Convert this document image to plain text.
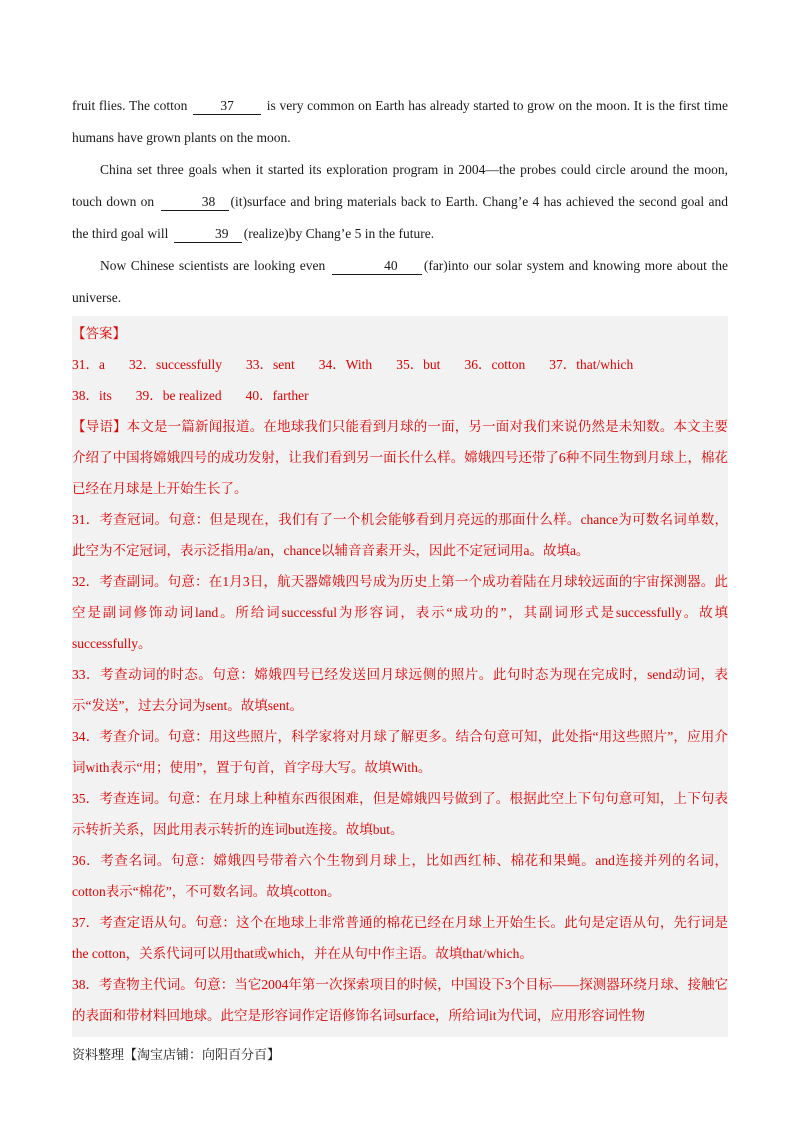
fruit flies. The cotton 37 is very common on Earth has already started to grow on the moon. It is the first time humans have grown plants on the moon.

China set three goals when it started its exploration program in 2004—the probes could circle around the moon, touch down on	38 (it)surface and bring materials back to Earth. Chang’e 4 has achieved the second goal and the third goal will	39 (realize)by Chang’e 5 in the future.

Now Chinese scientists are looking even	40 (far)into our solar system and knowing more about the universe.

【答案】

31．a 32．successfully 33．sent 34．With 35．but 36．cotton 37．that/which
38．its 39．be realized 40．farther

【导语】本文是一篇新闻报道。在地球我们只能看到月球的一面，另一面对我们来说仍然是未知数。本文主要介绍了中国将嫦娥四号的成功发射，让我们看到另一面长什么样。嫦娥四号还带了6种不同生物到月球上，棉花已经在月球是上开始生长了。

31．考查冠词。句意：但是现在，我们有了一个机会能够看到月亮远的那面什么样。chance为可数名词单数，此空为不定冠词，表示泛指用a/an，chance以辅音音素开头，因此不定冠词用a。故填a。

32．考查副词。句意：在1月3日，航天器嫦娥四号成为历史上第一个成功着陆在月球较远面的宇宙探测器。此空是副词修饰动词land。所给词successful为形容词，表示“成功的”，其副词形式是successfully。故填successfully。

33．考查动词的时态。句意：嫦娥四号已经发送回月球远侧的照片。此句时态为现在完成时，send动词，表示“发送”，过去分词为sent。故填sent。

34．考查介词。句意：用这些照片，科学家将对月球了解更多。结合句意可知，此处指“用这些照片”，应用介词with表示“用；使用”，置于句首，首字母大写。故填With。

35．考查连词。句意：在月球上种植东西很困难，但是嫦娥四号做到了。根据此空上下句句意可知，上下句表示转折关系，因此用表示转折的连词but连接。故填but。

36．考查名词。句意：嫦娥四号带着六个生物到月球上，比如西红柿、棉花和果蝇。and连接并列的名词，cotton表示“棉花”，不可数名词。故填cotton。

37．考查定语从句。句意：这个在地球上非常普通的棉花已经在月球上开始生长。此句是定语从句，先行词是the cotton，关系代词可以用that或which，并在从句中作主语。故填that/which。

38．考查物主代词。句意：当它2004年第一次探索项目的时候，中国设下3个目标——探测器环绕月球、接触它的表面和带材料回地球。此空是形容词作定语修饰名词surface，所给词it为代词，应用形容词性物

资料整理【淘宝店铺：向阳百分百】
